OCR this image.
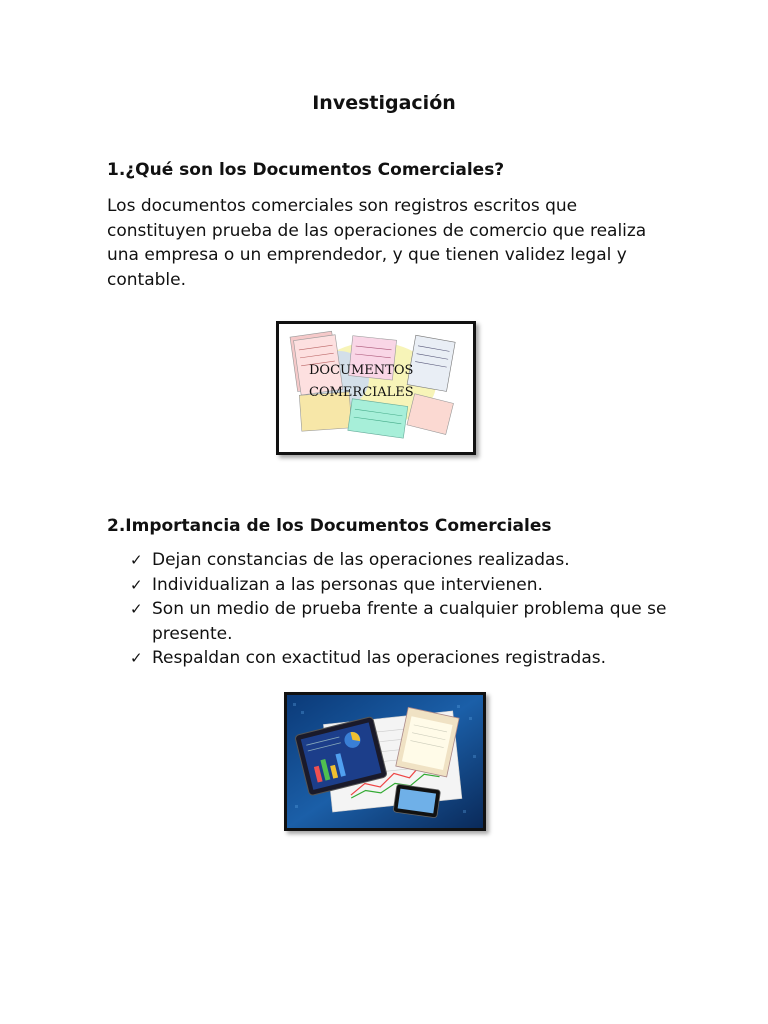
Investigación
1.¿Qué son los Documentos Comerciales?

Los documentos comerciales son registros escritos que constituyen prueba de las operaciones de comercio que realiza una empresa o un emprendedor, y que tienen validez legal y contable.

DOCUMENTOS
COMERCIALES
2.Importancia de los Documentos Comerciales
✓ Dejan constancias de las operaciones realizadas.
✓ Individualizan a las personas que intervienen.
✓ Son un medio de prueba frente a cualquier problema que se presente.
✓ Respaldan con exactitud las operaciones registradas.
